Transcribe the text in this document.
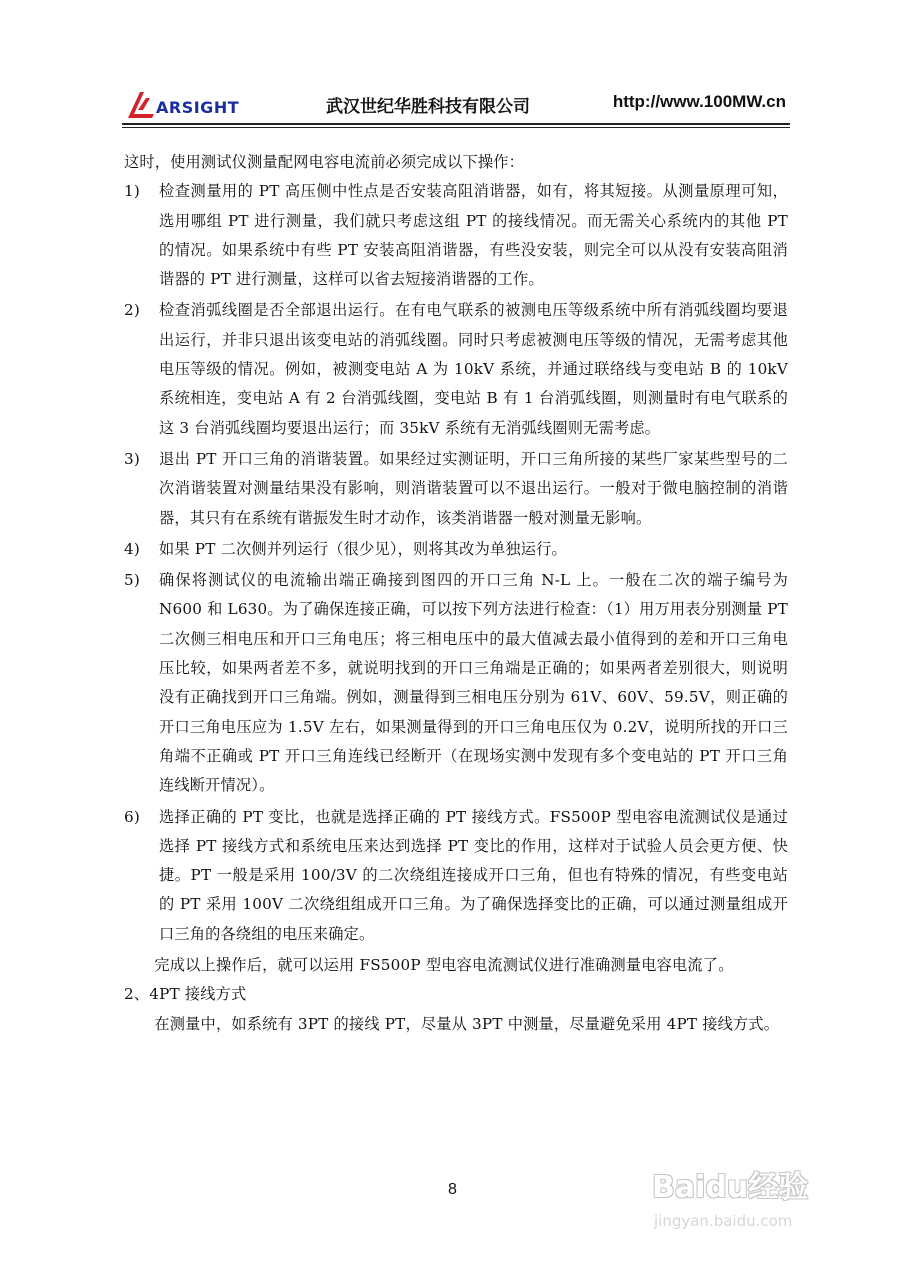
ARSIGHT	武汉世纪华胜科技有限公司	http://www.100MW.cn

这时，使用测试仪测量配网电容电流前必须完成以下操作：

1)	检查测量用的 PT 高压侧中性点是否安装高阻消谐器，如有，将其短接。从测量原理可知，选用哪组 PT 进行测量，我们就只考虑这组 PT 的接线情况。而无需关心系统内的其他 PT 的情况。如果系统中有些 PT 安装高阻消谐器，有些没安装，则完全可以从没有安装高阻消谐器的 PT 进行测量，这样可以省去短接消谐器的工作。
2)	检查消弧线圈是否全部退出运行。在有电气联系的被测电压等级系统中所有消弧线圈均要退出运行，并非只退出该变电站的消弧线圈。同时只考虑被测电压等级的情况，无需考虑其他电压等级的情况。例如，被测变电站 A 为 10kV 系统，并通过联络线与变电站 B 的 10kV 系统相连，变电站 A 有 2 台消弧线圈，变电站 B 有 1 台消弧线圈，则测量时有电气联系的这 3 台消弧线圈均要退出运行；而 35kV 系统有无消弧线圈则无需考虑。
3)	退出 PT 开口三角的消谐装置。如果经过实测证明，开口三角所接的某些厂家某些型号的二次消谐装置对测量结果没有影响，则消谐装置可以不退出运行。一般对于微电脑控制的消谐器，其只有在系统有谐振发生时才动作，该类消谐器一般对测量无影响。
4)	如果 PT 二次侧并列运行（很少见），则将其改为单独运行。
5)	确保将测试仪的电流输出端正确接到图四的开口三角 N-L 上。一般在二次的端子编号为 N600 和 L630。为了确保连接正确，可以按下列方法进行检查：（1）用万用表分别测量 PT 二次侧三相电压和开口三角电压；将三相电压中的最大值减去最小值得到的差和开口三角电压比较，如果两者差不多，就说明找到的开口三角端是正确的；如果两者差别很大，则说明没有正确找到开口三角端。例如，测量得到三相电压分别为 61V、60V、59.5V，则正确的开口三角电压应为 1.5V 左右，如果测量得到的开口三角电压仅为 0.2V，说明所找的开口三角端不正确或 PT 开口三角连线已经断开（在现场实测中发现有多个变电站的 PT 开口三角连线断开情况）。
6)	选择正确的 PT 变比，也就是选择正确的 PT 接线方式。FS500P 型电容电流测试仪是通过选择 PT 接线方式和系统电压来达到选择 PT 变比的作用，这样对于试验人员会更方便、快捷。PT 一般是采用 100/3V 的二次绕组连接成开口三角，但也有特殊的情况，有些变电站的 PT 采用 100V 二次绕组组成开口三角。为了确保选择变比的正确，可以通过测量组成开口三角的各绕组的电压来确定。

完成以上操作后，就可以运用 FS500P 型电容电流测试仪进行准确测量电容电流了。

2、4PT 接线方式

在测量中，如系统有 3PT 的接线 PT，尽量从 3PT 中测量，尽量避免采用 4PT 接线方式。

8	Baidu经验
jingyan.baidu.com
